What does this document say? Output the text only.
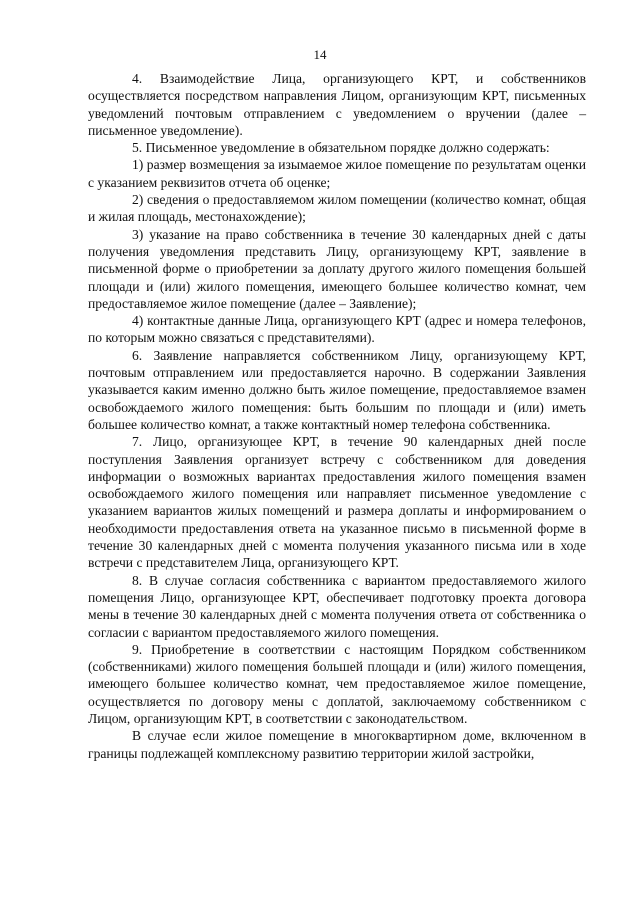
14

4. Взаимодействие Лица, организующего КРТ, и собственников осуществляется посредством направления Лицом, организующим КРТ, письменных уведомлений почтовым отправлением с уведомлением о вручении (далее – письменное уведомление).

5. Письменное уведомление в обязательном порядке должно содержать:

1) размер возмещения за изымаемое жилое помещение по результатам оценки с указанием реквизитов отчета об оценке;

2) сведения о предоставляемом жилом помещении (количество комнат, общая и жилая площадь, местонахождение);

3) указание на право собственника в течение 30 календарных дней с даты получения уведомления представить Лицу, организующему КРТ, заявление в письменной форме о приобретении за доплату другого жилого помещения большей площади и (или) жилого помещения, имеющего большее количество комнат, чем предоставляемое жилое помещение (далее – Заявление);

4) контактные данные Лица, организующего КРТ (адрес и номера телефонов, по которым можно связаться с представителями).

6. Заявление направляется собственником Лицу, организующему КРТ, почтовым отправлением или предоставляется нарочно. В содержании Заявления указывается каким именно должно быть жилое помещение, предоставляемое взамен освобождаемого жилого помещения: быть большим по площади и (или) иметь большее количество комнат, а также контактный номер телефона собственника.

7. Лицо, организующее КРТ, в течение 90 календарных дней после поступления Заявления организует встречу с собственником для доведения информации о возможных вариантах предоставления жилого помещения взамен освобождаемого жилого помещения или направляет письменное уведомление с указанием вариантов жилых помещений и размера доплаты и информированием о необходимости предоставления ответа на указанное письмо в письменной форме в течение 30 календарных дней с момента получения указанного письма или в ходе встречи с представителем Лица, организующего КРТ.

8. В случае согласия собственника с вариантом предоставляемого жилого помещения Лицо, организующее КРТ, обеспечивает подготовку проекта договора мены в течение 30 календарных дней с момента получения ответа от собственника о согласии с вариантом предоставляемого жилого помещения.

9. Приобретение в соответствии с настоящим Порядком собственником (собственниками) жилого помещения большей площади и (или) жилого помещения, имеющего большее количество комнат, чем предоставляемое жилое помещение, осуществляется по договору мены с доплатой, заключаемому собственником с Лицом, организующим КРТ, в соответствии с законодательством.

В случае если жилое помещение в многоквартирном доме, включенном в границы подлежащей комплексному развитию территории жилой застройки,
